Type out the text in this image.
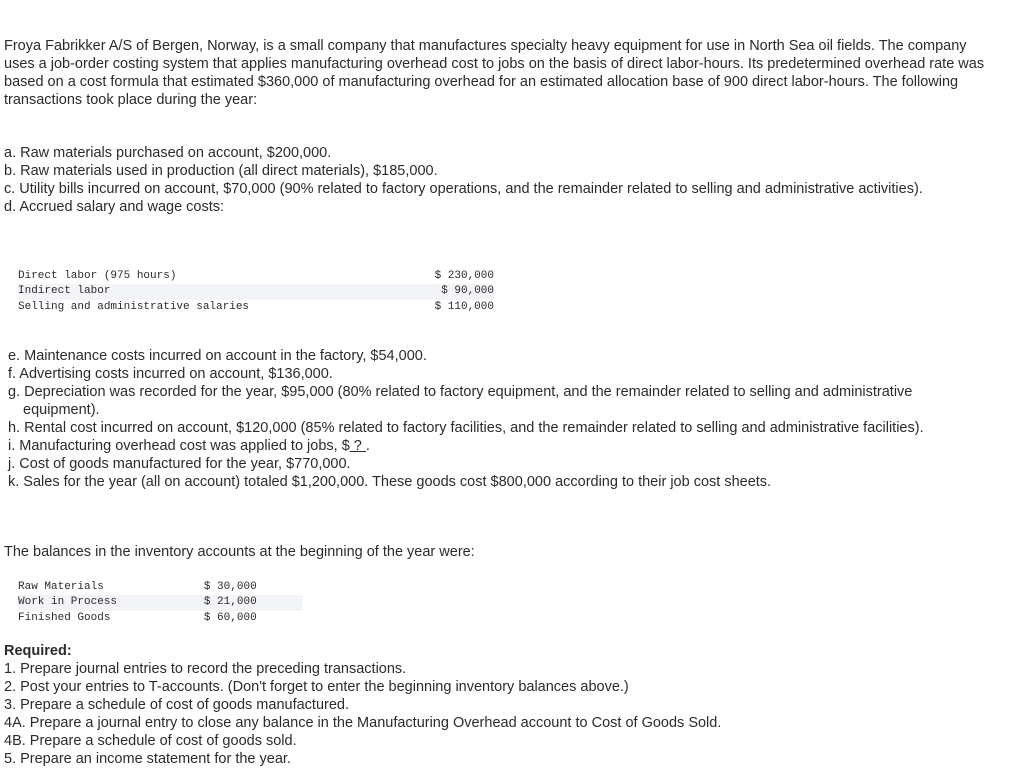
Froya Fabrikker A/S of Bergen, Norway, is a small company that manufactures specialty heavy equipment for use in North Sea oil fields. The company uses a job-order costing system that applies manufacturing overhead cost to jobs on the basis of direct labor-hours. Its predetermined overhead rate was based on a cost formula that estimated $360,000 of manufacturing overhead for an estimated allocation base of 900 direct labor-hours. The following transactions took place during the year:

a. Raw materials purchased on account, $200,000.
b. Raw materials used in production (all direct materials), $185,000.
c. Utility bills incurred on account, $70,000 (90% related to factory operations, and the remainder related to selling and administrative activities).
d. Accrued salary and wage costs:
Direct labor (975 hours)	$ 230,000
Indirect labor	$ 90,000
Selling and administrative salaries	$ 110,000
e. Maintenance costs incurred on account in the factory, $54,000.
f. Advertising costs incurred on account, $136,000.
g. Depreciation was recorded for the year, $95,000 (80% related to factory equipment, and the remainder related to selling and administrative equipment).
h. Rental cost incurred on account, $120,000 (85% related to factory facilities, and the remainder related to selling and administrative facilities).
i. Manufacturing overhead cost was applied to jobs, $ ? .
j. Cost of goods manufactured for the year, $770,000.
k. Sales for the year (all on account) totaled $1,200,000. These goods cost $800,000 according to their job cost sheets.

The balances in the inventory accounts at the beginning of the year were:

Raw Materials	$ 30,000
Work in Process	$ 21,000
Finished Goods	$ 60,000

Required:

1. Prepare journal entries to record the preceding transactions.
2. Post your entries to T-accounts. (Don't forget to enter the beginning inventory balances above.)
3. Prepare a schedule of cost of goods manufactured.
4A. Prepare a journal entry to close any balance in the Manufacturing Overhead account to Cost of Goods Sold.
4B. Prepare a schedule of cost of goods sold.
5. Prepare an income statement for the year.
